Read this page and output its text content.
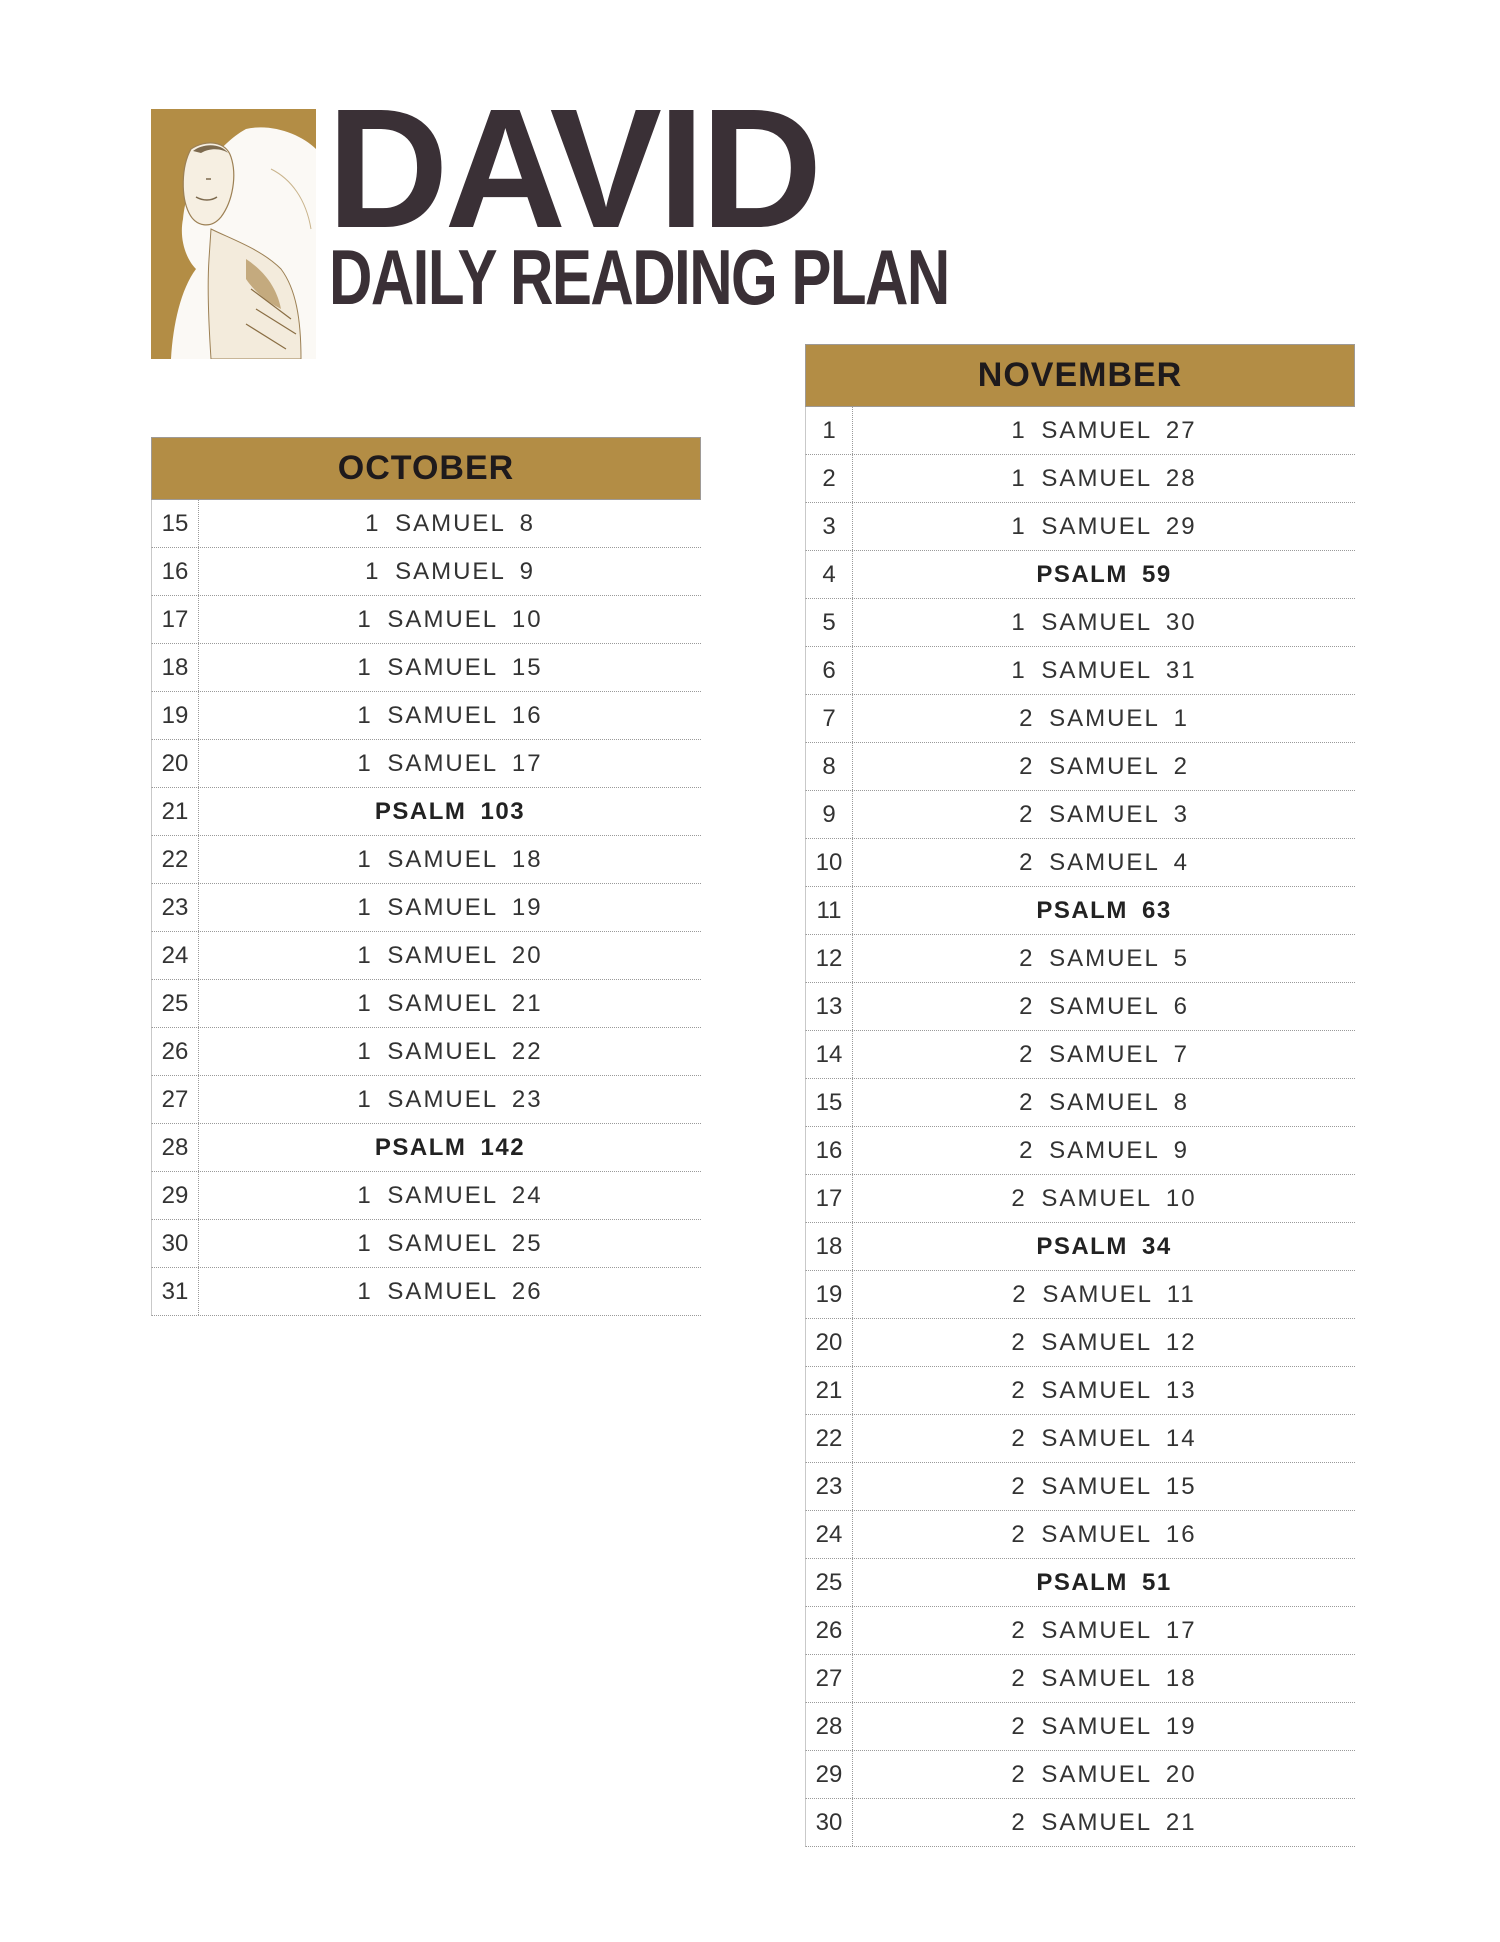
DAVID
DAILY READING PLAN
OCTOBER
15	1 SAMUEL 8
16	1 SAMUEL 9
17	1 SAMUEL 10
18	1 SAMUEL 15
19	1 SAMUEL 16
20	1 SAMUEL 17
21	PSALM 103
22	1 SAMUEL 18
23	1 SAMUEL 19
24	1 SAMUEL 20
25	1 SAMUEL 21
26	1 SAMUEL 22
27	1 SAMUEL 23
28	PSALM 142
29	1 SAMUEL 24
30	1 SAMUEL 25
31	1 SAMUEL 26
NOVEMBER
1	1 SAMUEL 27
2	1 SAMUEL 28
3	1 SAMUEL 29
4	PSALM 59
5	1 SAMUEL 30
6	1 SAMUEL 31
7	2 SAMUEL 1
8	2 SAMUEL 2
9	2 SAMUEL 3
10	2 SAMUEL 4
11	PSALM 63
12	2 SAMUEL 5
13	2 SAMUEL 6
14	2 SAMUEL 7
15	2 SAMUEL 8
16	2 SAMUEL 9
17	2 SAMUEL 10
18	PSALM 34
19	2 SAMUEL 11
20	2 SAMUEL 12
21	2 SAMUEL 13
22	2 SAMUEL 14
23	2 SAMUEL 15
24	2 SAMUEL 16
25	PSALM 51
26	2 SAMUEL 17
27	2 SAMUEL 18
28	2 SAMUEL 19
29	2 SAMUEL 20
30	2 SAMUEL 21
